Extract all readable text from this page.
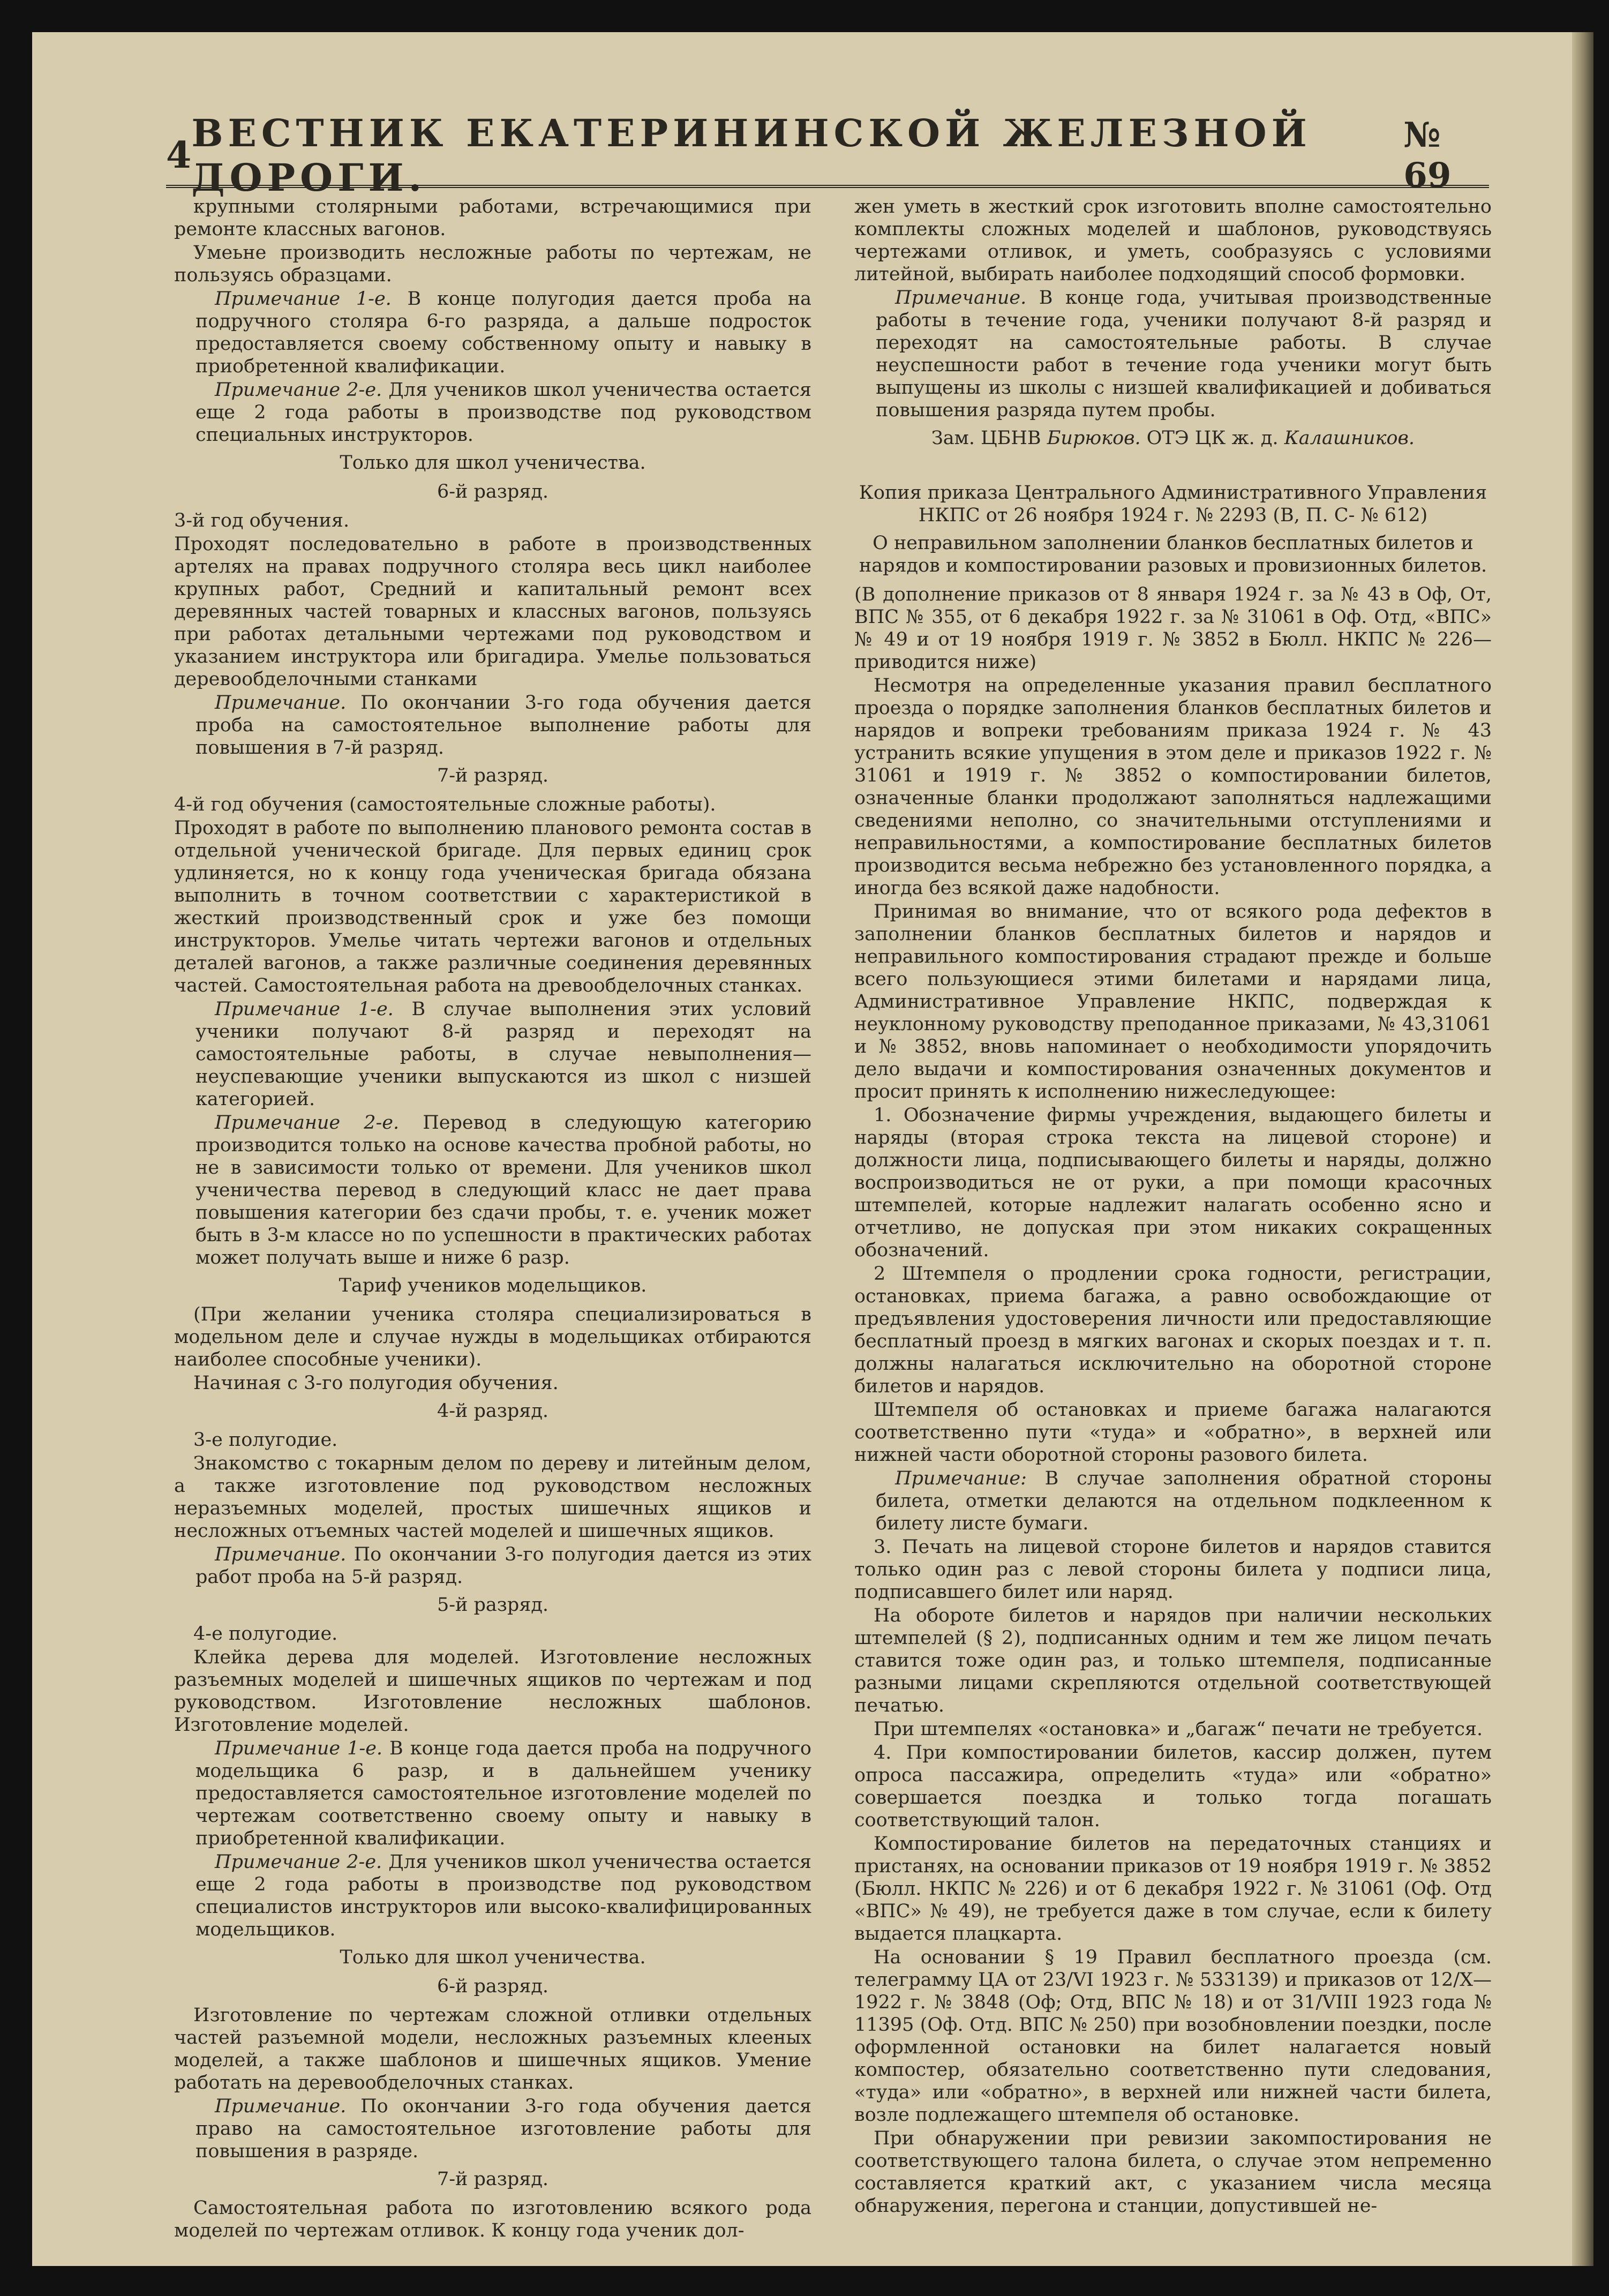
4 ВЕСТНИК ЕКАТЕРИНИНСКОЙ ЖЕЛЕЗНОЙ ДОРОГИ.
№ 69

крупными столярными работами, встречающимися при ремонте классных вагонов.

Умеьне производить несложные работы по чертежам, не пользуясь образцами.

Примечание 1-е. В конце полугодия дается проба на подручного столяра 6-го разряда, а дальше подросток предоставляется своему собственному опыту и навыку в приобретенной квалификации.

Примечание 2-е. Для учеников школ ученичества остается еще 2 года работы в производстве под руководством специальных инструкторов.

Только для школ ученичества.

6-й разряд.

3-й год обучения.

Проходят последовательно в работе в производственных артелях на правах подручного столяра весь цикл наиболее крупных работ, Средний и капитальный ремонт всех деревянных частей товарных и классных вагонов, пользуясь при работах детальными чертежами под руководством и указанием инструктора или бригадира. Умелье пользоваться деревообделочными станками

Примечание. По окончании 3-го года обучения дается проба на самостоятельное выполнение работы для повышения в 7-й разряд.

7-й разряд.

4-й год обучения (самостоятельные сложные работы).

Проходят в работе по выполнению планового ремонта состав в отдельной ученической бригаде. Для первых единиц срок удлиняется, но к концу года ученическая бригада обязана выполнить в точном соответствии с характеристикой в жесткий производственный срок и уже без помощи инструкторов. Умелье читать чертежи вагонов и отдельных деталей вагонов, а также различные соединения деревянных частей. Самостоятельная работа на древообделочных станках.

Примечание 1-е. В случае выполнения этих условий ученики получают 8-й разряд и переходят на самостоятельные работы, в случае невыполнения—неуспевающие ученики выпускаются из школ с низшей категорией.

Примечание 2-е. Перевод в следующую категорию производится только на основе качества пробной работы, но не в зависимости только от времени. Для учеников школ ученичества перевод в следующий класс не дает права повышения категории без сдачи пробы, т. е. ученик может быть в 3-м классе но по успешности в практических работах может получать выше и ниже 6 разр.

Тариф учеников модельщиков.

(При желании ученика столяра специализироваться в модельном деле и случае нужды в модельщиках отбираются наиболее способные ученики).

Начиная с 3-го полугодия обучения.

4-й разряд.

3-е полугодие.

Знакомство с токарным делом по дереву и литейным делом, а также изготовление под руководством несложных неразъемных моделей, простых шишечных ящиков и несложных отъемных частей моделей и шишечных ящиков.

Примечание. По окончании 3-го полугодия дается из этих работ проба на 5-й разряд.

5-й разряд.

4-е полугодие.

Клейка дерева для моделей. Изготовление несложных разъемных моделей и шишечных ящиков по чертежам и под руководством. Изготовление несложных шаблонов. Изготовление моделей.

Примечание 1-е. В конце года дается проба на подручного модельщика 6 разр, и в дальнейшем ученику предоставляется самостоятельное изготовление моделей по чертежам соответственно своему опыту и навыку в приобретенной квалификации.

Примечание 2-е. Для учеников школ ученичества остается еще 2 года работы в производстве под руководством специалистов инструкторов или высоко-квалифицированных модельщиков.

Только для школ ученичества.

6-й разряд.

Изготовление по чертежам сложной отливки отдельных частей разъемной модели, несложных разъемных клееных моделей, а также шаблонов и шишечных ящиков. Умение работать на деревообделочных станках.

Примечание. По окончании 3-го года обучения дается право на самостоятельное изготовление работы для повышения в разряде.

7-й разряд.

Самостоятельная работа по изготовлению всякого рода моделей по чертежам отливок. К концу года ученик дол-

жен уметь в жесткий срок изготовить вполне самостоятельно комплекты сложных моделей и шаблонов, руководствуясь чертежами отливок, и уметь, сообразуясь с условиями литейной, выбирать наиболее подходящий способ формовки.

Примечание. В конце года, учитывая производственные работы в течение года, ученики получают 8-й разряд и переходят на самостоятельные работы. В случае неуспешности работ в течение года ученики могут быть выпущены из школы с низшей квалификацией и добиваться повышения разряда путем пробы.

Зам. ЦБНВ Бирюков. ОТЭ ЦК ж. д. Калашников.

Копия приказа Центрального Административного Управления НКПС от 26 ноября 1924 г. № 2293 (В, П. С- № 612)

О неправильном заполнении бланков бесплатных билетов и нарядов и компостировании разовых и провизионных билетов.

(В дополнение приказов от 8 января 1924 г. за № 43 в Оф, От, ВПС № 355, от 6 декабря 1922 г. за № 31061 в Оф. Отд, «ВПС» № 49 и от 19 ноября 1919 г. № 3852 в Бюлл. НКПС № 226—приводится ниже)

Несмотря на определенные указания правил бесплатного проезда о порядке заполнения бланков бесплатных билетов и нарядов и вопреки требованиям приказа 1924 г. № 43 устранить всякие упущения в этом деле и приказов 1922 г. № 31061 и 1919 г. № 3852 о компостировании билетов, означенные бланки продолжают заполняться надлежащими сведениями неполно, со значительными отступлениями и неправильностями, а компостирование бесплатных билетов производится весьма небрежно без установленного порядка, а иногда без всякой даже надобности.

Принимая во внимание, что от всякого рода дефектов в заполнении бланков бесплатных билетов и нарядов и неправильного компостирования страдают прежде и больше всего пользующиеся этими билетами и нарядами лица, Административное Управление НКПС, подверждая к неуклонному руководству преподанное приказами, № 43,31061 и № 3852, вновь напоминает о необходимости упорядочить дело выдачи и компостирования означенных документов и просит принять к исполнению нижеследующее:

1. Обозначение фирмы учреждения, выдающего билеты и наряды (вторая строка текста на лицевой стороне) и должности лица, подписывающего билеты и наряды, должно воспроизводиться не от руки, а при помощи красочных штемпелей, которые надлежит налагать особенно ясно и отчетливо, не допуская при этом никаких сокращенных обозначений.

2 Штемпеля о продлении срока годности, регистрации, остановках, приема багажа, а равно освобождающие от предъявления удостоверения личности или предоставляющие бесплатный проезд в мягких вагонах и скорых поездах и т. п. должны налагаться исключительно на оборотной стороне билетов и нарядов.

Штемпеля об остановках и приеме багажа налагаются соответственно пути «туда» и «обратно», в верхней или нижней части оборотной стороны разового билета.

Примечание: В случае заполнения обратной стороны билета, отметки делаются на отдельном подклеенном к билету листе бумаги.

3. Печать на лицевой стороне билетов и нарядов ставится только один раз с левой стороны билета у подписи лица, подписавшего билет или наряд.

На обороте билетов и нарядов при наличии нескольких штемпелей (§ 2), подписанных одним и тем же лицом печать ставится тоже один раз, и только штемпеля, подписанные разными лицами скрепляются отдельной соответствующей печатью.

При штемпелях «остановка» и „багаж“ печати не требуется.

4. При компостировании билетов, кассир должен, путем опроса пассажира, определить «туда» или «обратно» совершается поездка и только тогда погашать соответствующий талон.

Компостирование билетов на передаточных станциях и пристанях, на основании приказов от 19 ноября 1919 г. № 3852 (Бюлл. НКПС № 226) и от 6 декабря 1922 г. № 31061 (Оф. Отд «ВПС» № 49), не требуется даже в том случае, если к билету выдается плацкарта.

На основании § 19 Правил бесплатного проезда (см. телеграмму ЦА от 23/VI 1923 г. № 533139) и приказов от 12/X—1922 г. № 3848 (Оф; Отд, ВПС № 18) и от 31/VIII 1923 года № 11395 (Оф. Отд. ВПС № 250) при возобновлении поездки, после оформленной остановки на билет налагается новый компостер, обязательно соответственно пути следования, «туда» или «обратно», в верхней или нижней части билета, возле подлежащего штемпеля об остановке.

При обнаружении при ревизии закомпостирования не соответствующего талона билета, о случае этом непременно составляется краткий акт, с указанием числа месяца обнаружения, перегона и станции, допустившей не-
